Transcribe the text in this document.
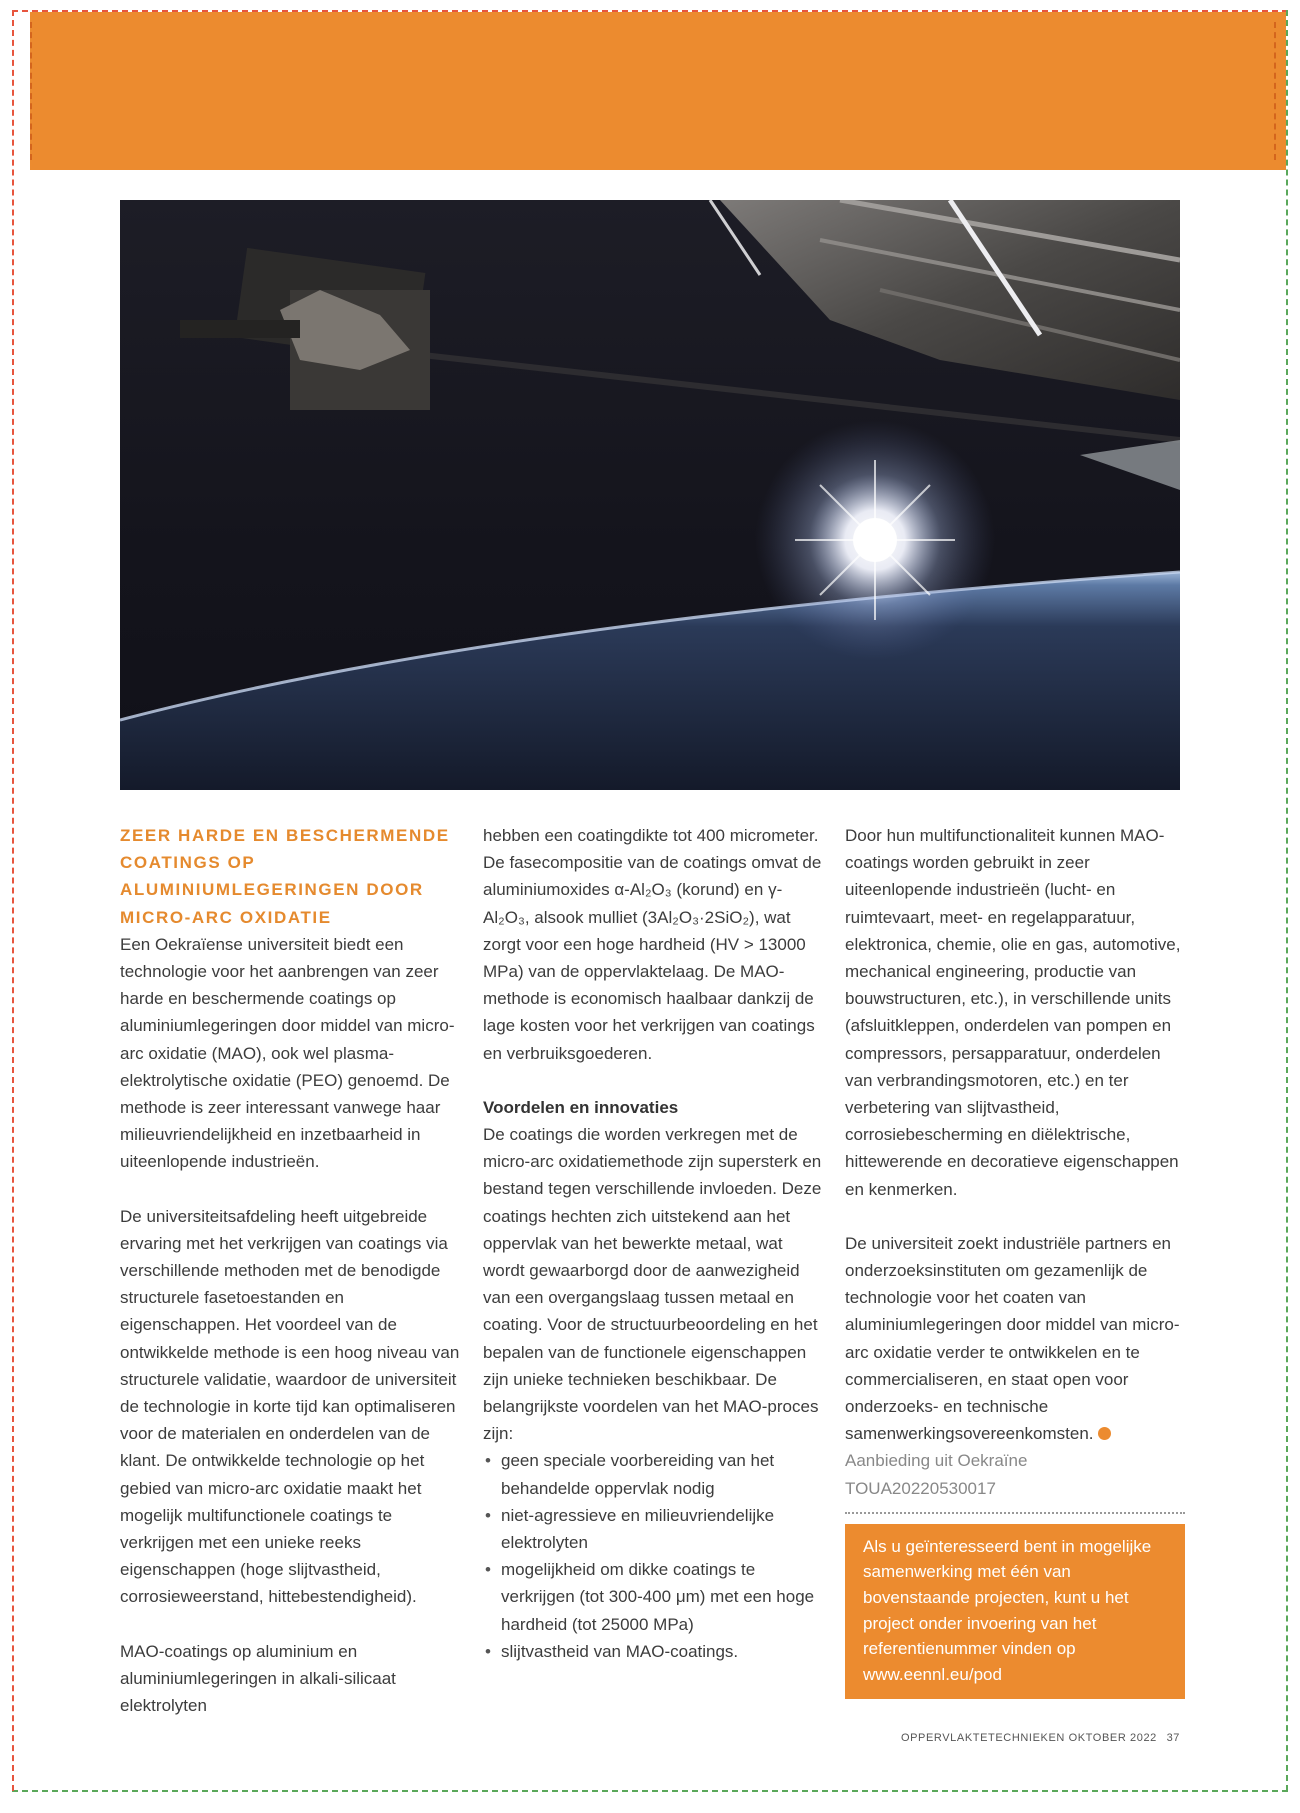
ZEER HARDE EN BESCHERMENDE COATINGS OP ALUMINIUMLEGERINGEN DOOR MICRO-ARC OXIDATIE

Een Oekraïense universiteit biedt een technologie voor het aanbrengen van zeer harde en beschermende coatings op aluminiumlegeringen door middel van micro-arc oxidatie (MAO), ook wel plasma-elektrolytische oxidatie (PEO) genoemd. De methode is zeer interessant vanwege haar milieuvriendelijkheid en inzetbaarheid in uiteenlopende industrieën.

De universiteitsafdeling heeft uitgebreide ervaring met het verkrijgen van coatings via verschillende methoden met de benodigde structurele fasetoestanden en eigenschappen. Het voordeel van de ontwikkelde methode is een hoog niveau van structurele validatie, waardoor de universiteit de technologie in korte tijd kan optimaliseren voor de materialen en onderdelen van de klant. De ontwikkelde technologie op het gebied van micro-arc oxidatie maakt het mogelijk multifunctionele coatings te verkrijgen met een unieke reeks eigenschappen (hoge slijtvastheid, corrosieweerstand, hittebestendigheid).

MAO-coatings op aluminium en aluminiumlegeringen in alkali-silicaat elektrolyten

hebben een coatingdikte tot 400 micrometer. De fasecompositie van de coatings omvat de aluminiumoxides α-Al₂O₃ (korund) en γ-Al₂O₃, alsook mulliet (3Al₂O₃·2SiO₂), wat zorgt voor een hoge hardheid (HV > 13000 MPa) van de oppervlaktelaag. De MAO-methode is economisch haalbaar dankzij de lage kosten voor het verkrijgen van coatings en verbruiksgoederen.

Voordelen en innovaties

De coatings die worden verkregen met de micro-arc oxidatiemethode zijn supersterk en bestand tegen verschillende invloeden. Deze coatings hechten zich uitstekend aan het oppervlak van het bewerkte metaal, wat wordt gewaarborgd door de aanwezigheid van een overgangslaag tussen metaal en coating. Voor de structuurbeoordeling en het bepalen van de functionele eigenschappen zijn unieke technieken beschikbaar. De belangrijkste voordelen van het MAO-proces zijn:

• geen speciale voorbereiding van het behandelde oppervlak nodig
• niet-agressieve en milieuvriendelijke elektrolyten
• mogelijkheid om dikke coatings te verkrijgen (tot 300-400 μm) met een hoge hardheid (tot 25000 MPa)
• slijtvastheid van MAO-coatings.

Door hun multifunctionaliteit kunnen MAO-coatings worden gebruikt in zeer uiteenlopende industrieën (lucht- en ruimtevaart, meet- en regelapparatuur, elektronica, chemie, olie en gas, automotive, mechanical engineering, productie van bouwstructuren, etc.), in verschillende units (afsluitkleppen, onderdelen van pompen en compressors, persapparatuur, onderdelen van verbrandingsmotoren, etc.) en ter verbetering van slijtvastheid, corrosiebescherming en diëlektrische, hittewerende en decoratieve eigenschappen en kenmerken.

De universiteit zoekt industriële partners en onderzoeksinstituten om gezamenlijk de technologie voor het coaten van aluminiumlegeringen door middel van micro-arc oxidatie verder te ontwikkelen en te commercialiseren, en staat open voor onderzoeks- en technische samenwerkingsovereenkomsten.

Aanbieding uit Oekraïne

TOUA20220530017

Als u geïnteresseerd bent in mogelijke samenwerking met één van bovenstaande projecten, kunt u het project onder invoering van het referentienummer vinden op www.eennl.eu/pod
OPPERVLAKTETECHNIEKEN OKTOBER 2022 37
